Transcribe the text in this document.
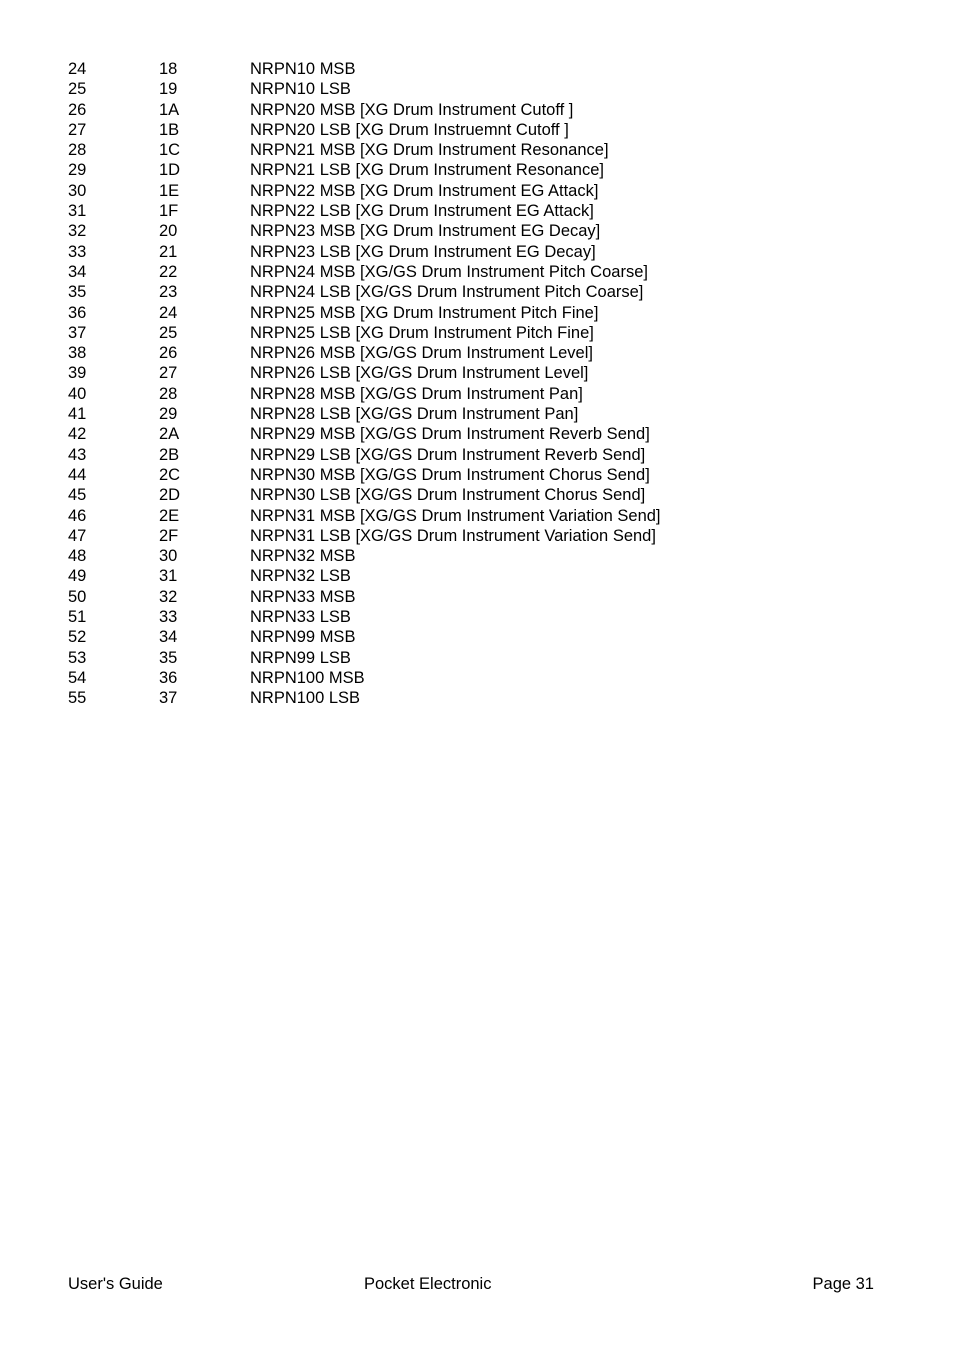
24	18	NRPN10 MSB
25	19	NRPN10 LSB
26	1A	NRPN20 MSB [XG Drum Instrument Cutoff ]
27	1B	NRPN20 LSB [XG Drum Instruemnt Cutoff ]
28	1C	NRPN21 MSB [XG Drum Instrument Resonance]
29	1D	NRPN21 LSB [XG Drum Instrument Resonance]
30	1E	NRPN22 MSB [XG Drum Instrument EG Attack]
31	1F	NRPN22 LSB [XG Drum Instrument EG Attack]
32	20	NRPN23 MSB [XG Drum Instrument EG Decay]
33	21	NRPN23 LSB [XG Drum Instrument EG Decay]
34	22	NRPN24 MSB [XG/GS Drum Instrument Pitch Coarse]
35	23	NRPN24 LSB [XG/GS Drum Instrument Pitch Coarse]
36	24	NRPN25 MSB [XG Drum Instrument Pitch Fine]
37	25	NRPN25 LSB [XG Drum Instrument Pitch Fine]
38	26	NRPN26 MSB [XG/GS Drum Instrument Level]
39	27	NRPN26 LSB [XG/GS Drum Instrument Level]
40	28	NRPN28 MSB [XG/GS Drum Instrument Pan]
41	29	NRPN28 LSB [XG/GS Drum Instrument Pan]
42	2A	NRPN29 MSB [XG/GS Drum Instrument Reverb Send]
43	2B	NRPN29 LSB [XG/GS Drum Instrument Reverb Send]
44	2C	NRPN30 MSB [XG/GS Drum Instrument Chorus Send]
45	2D	NRPN30 LSB [XG/GS Drum Instrument Chorus Send]
46	2E	NRPN31 MSB [XG/GS Drum Instrument Variation Send]
47	2F	NRPN31 LSB [XG/GS Drum Instrument Variation Send]
48	30	NRPN32 MSB
49	31	NRPN32 LSB
50	32	NRPN33 MSB
51	33	NRPN33 LSB
52	34	NRPN99 MSB
53	35	NRPN99 LSB
54	36	NRPN100 MSB
55	37	NRPN100 LSB
User's Guide	Pocket Electronic	Page 31
